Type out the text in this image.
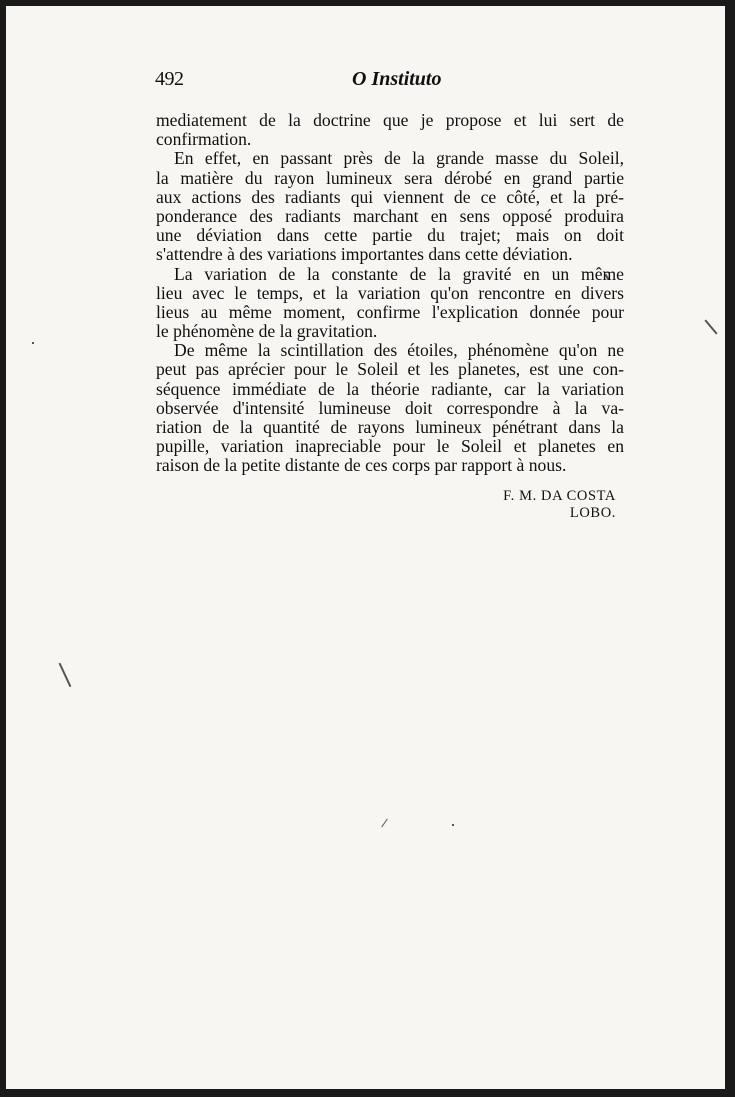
492	O Instituto
mediatement de la doctrine que je propose et lui sert de
confirmation.
En effet, en passant près de la grande masse du Soleil,
la matière du rayon lumineux sera dérobé en grand partie
aux actions des radiants qui viennent de ce côté, et la pré-
ponderance des radiants marchant en sens opposé produira
une déviation dans cette partie du trajet; mais on doit
s'attendre à des variations importantes dans cette déviation.
La variation de la constante de la gravité en un même
lieu avec le temps, et la variation qu'on rencontre en divers
lieus au même moment, confirme l'explication donnée pour
le phénomène de la gravitation.
De même la scintillation des étoiles, phénomène qu'on ne
peut pas aprécier pour le Soleil et les planetes, est une con-
séquence immédiate de la théorie radiante, car la variation
observée d'intensité lumineuse doit correspondre à la va-
riation de la quantité de rayons lumineux pénétrant dans la
pupille, variation inapreciable pour le Soleil et planetes en
raison de la petite distante de ces corps par rapport à nous.
F. M. DA COSTA LOBO.
